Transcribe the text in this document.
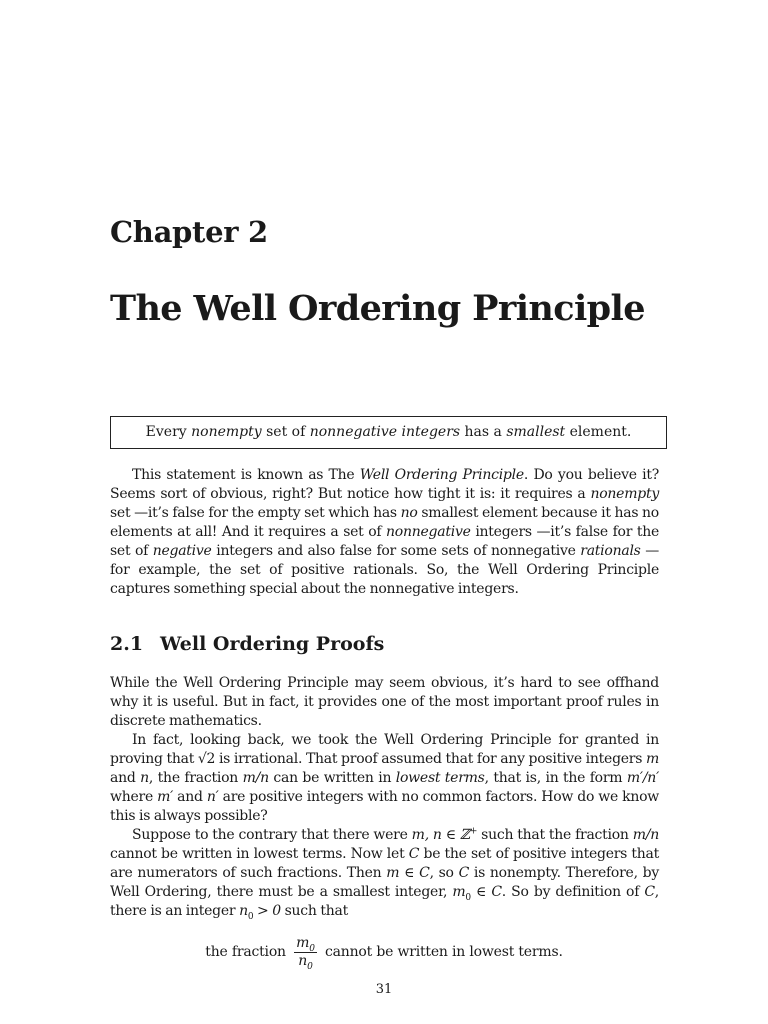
Chapter 2
The Well Ordering Principle
Every nonempty set of nonnegative integers has a smallest element.

This statement is known as The Well Ordering Principle. Do you believe it? Seems sort of obvious, right? But notice how tight it is: it requires a nonempty set —it’s false for the empty set which has no smallest element because it has no elements at all! And it requires a set of nonnegative integers —it’s false for the set of negative integers and also false for some sets of nonnegative rationals —for example, the set of positive rationals. So, the Well Ordering Principle captures something special about the nonnegative integers.

2.1 Well Ordering Proofs

While the Well Ordering Principle may seem obvious, it’s hard to see offhand why it is useful. But in fact, it provides one of the most important proof rules in discrete mathematics.

In fact, looking back, we took the Well Ordering Principle for granted in proving that √2 is irrational. That proof assumed that for any positive integers m and n, the fraction m/n can be written in lowest terms, that is, in the form m′/n′ where m′ and n′ are positive integers with no common factors. How do we know this is always possible?

Suppose to the contrary that there were m, n ∈ ℤ+ such that the fraction m/n cannot be written in lowest terms. Now let C be the set of positive integers that are numerators of such fractions. Then m ∈ C, so C is nonempty. Therefore, by Well Ordering, there must be a smallest integer, $m_0$ ∈ C. So by definition of C, there is an integer $n_0 > 0$ such that

the fraction $\frac{m_0}{n_0}$ cannot be written in lowest terms.
31
